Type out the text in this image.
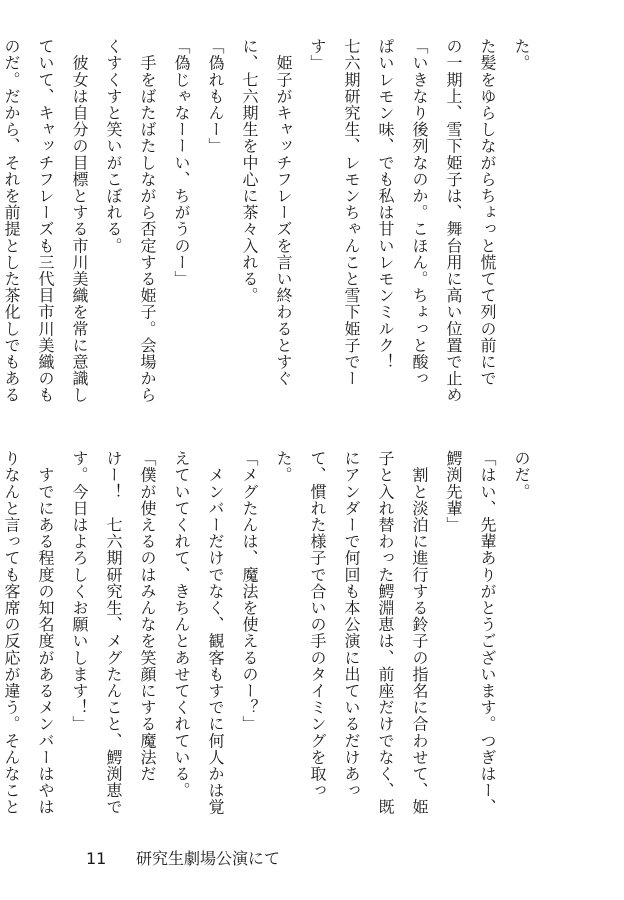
た。

た髪をゆらしながらちょっと慌てて列の前にで

の一期上、雪下姫子は、舞台用に高い位置で止め

「いきなり後列なのか。こほん。ちょっと酸っ

ぱいレモン味、でも私は甘いレモンミルク！

七六期研究生、レモンちゃんこと雪下姫子でー

す」

　姫子がキャッチフレーズを言い終わるとすぐ

に、七六期生を中心に茶々入れる。

「偽れもんー」

「偽じゃなーーい、ちがうのー」

　手をばたばたしながら否定する姫子。会場から

くすくすと笑いがこぼれる。

　彼女は自分の目標とする市川美織を常に意識し

ていて、キャッチフレーズも三代目市川美織のも

のだ。だから、それを前提とした茶化しでもある

のだ。

「はい、先輩ありがとうございます。つぎはー、

鰐渕先輩」

　割と淡泊に進行する鈴子の指名に合わせて、姫

子と入れ替わった鰐淵恵は、前座だけでなく、既

にアンダーで何回も本公演に出ているだけあっ

て、慣れた様子で合いの手のタイミングを取っ

た。

「メグたんは、魔法を使えるのー？」

　メンバーだけでなく、観客もすでに何人かは覚

えていてくれて、きちんとあせてくれている。

「僕が使えるのはみんなを笑顔にする魔法だ

けー！　七六期研究生、メグたんこと、鰐渕恵で

す。今日はよろしくお願いします！」

　すでにある程度の知名度があるメンバーはやは

りなんと言っても客席の反応が違う。そんなこと

11 研究生劇場公演にて
